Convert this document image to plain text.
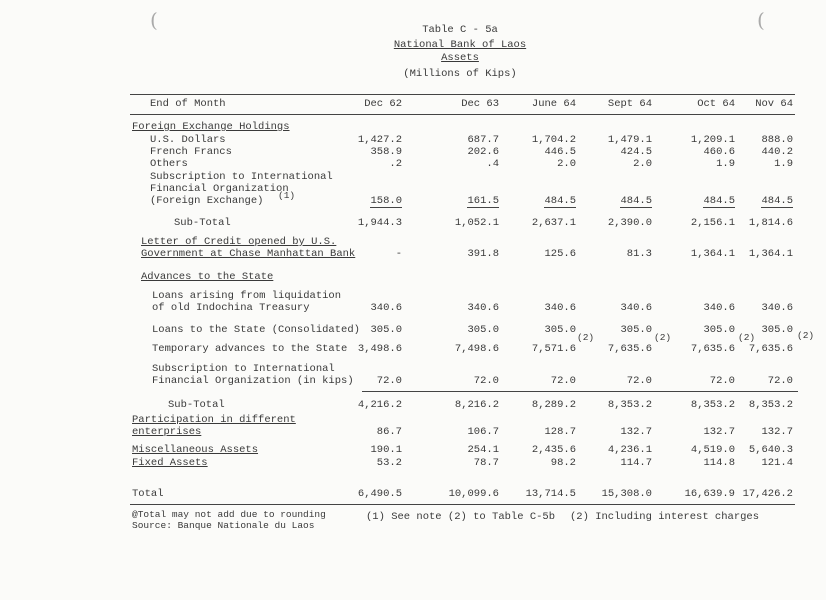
(	(
Table C - 5a
National Bank of Laos
Assets
(Millions of Kips)
End of Month	Dec 62	Dec 63	June 64	Sept 64	Oct 64	Nov 64
Foreign Exchange Holdings
U.S. Dollars	1,427.2	687.7	1,704.2	1,479.1	1,209.1	888.0
French Francs	358.9	202.6	446.5	424.5	460.6	440.2
Others	.2	.4	2.0	2.0	1.9	1.9
Subscription to International
Financial Organization
(Foreign Exchange) (1)	158.0	161.5	484.5	484.5	484.5	484.5
Sub-Total	1,944.3	1,052.1	2,637.1	2,390.0	2,156.1	1,814.6
Letter of Credit opened by U.S.
Government at Chase Manhattan Bank	-	391.8	125.6	81.3	1,364.1	1,364.1
Advances to the State
Loans arising from liquidation
of old Indochina Treasury	340.6	340.6	340.6	340.6	340.6	340.6
Loans to the State (Consolidated)	305.0	305.0	305.0	305.0	305.0	305.0
Temporary advances to the State	3,498.6	7,498.6	7,571.6	7,635.6	7,635.6	7,635.6
(2)	(2)	(2)	(2)
Subscription to International
Financial Organization (in kips)	72.0	72.0	72.0	72.0	72.0	72.0
Sub-Total	4,216.2	8,216.2	8,289.2	8,353.2	8,353.2	8,353.2
Participation in different
enterprises	86.7	106.7	128.7	132.7	132.7	132.7
Miscellaneous Assets	190.1	254.1	2,435.6	4,236.1	4,519.0	5,640.3
Fixed Assets	53.2	78.7	98.2	114.7	114.8	121.4
Total	6,490.5	10,099.6	13,714.5	15,308.0	16,639.9 17,426.2
@Total may not add due to rounding
Source: Banque Nationale du Laos
(1) See note (2) to Table C-5b (2) Including interest charges
